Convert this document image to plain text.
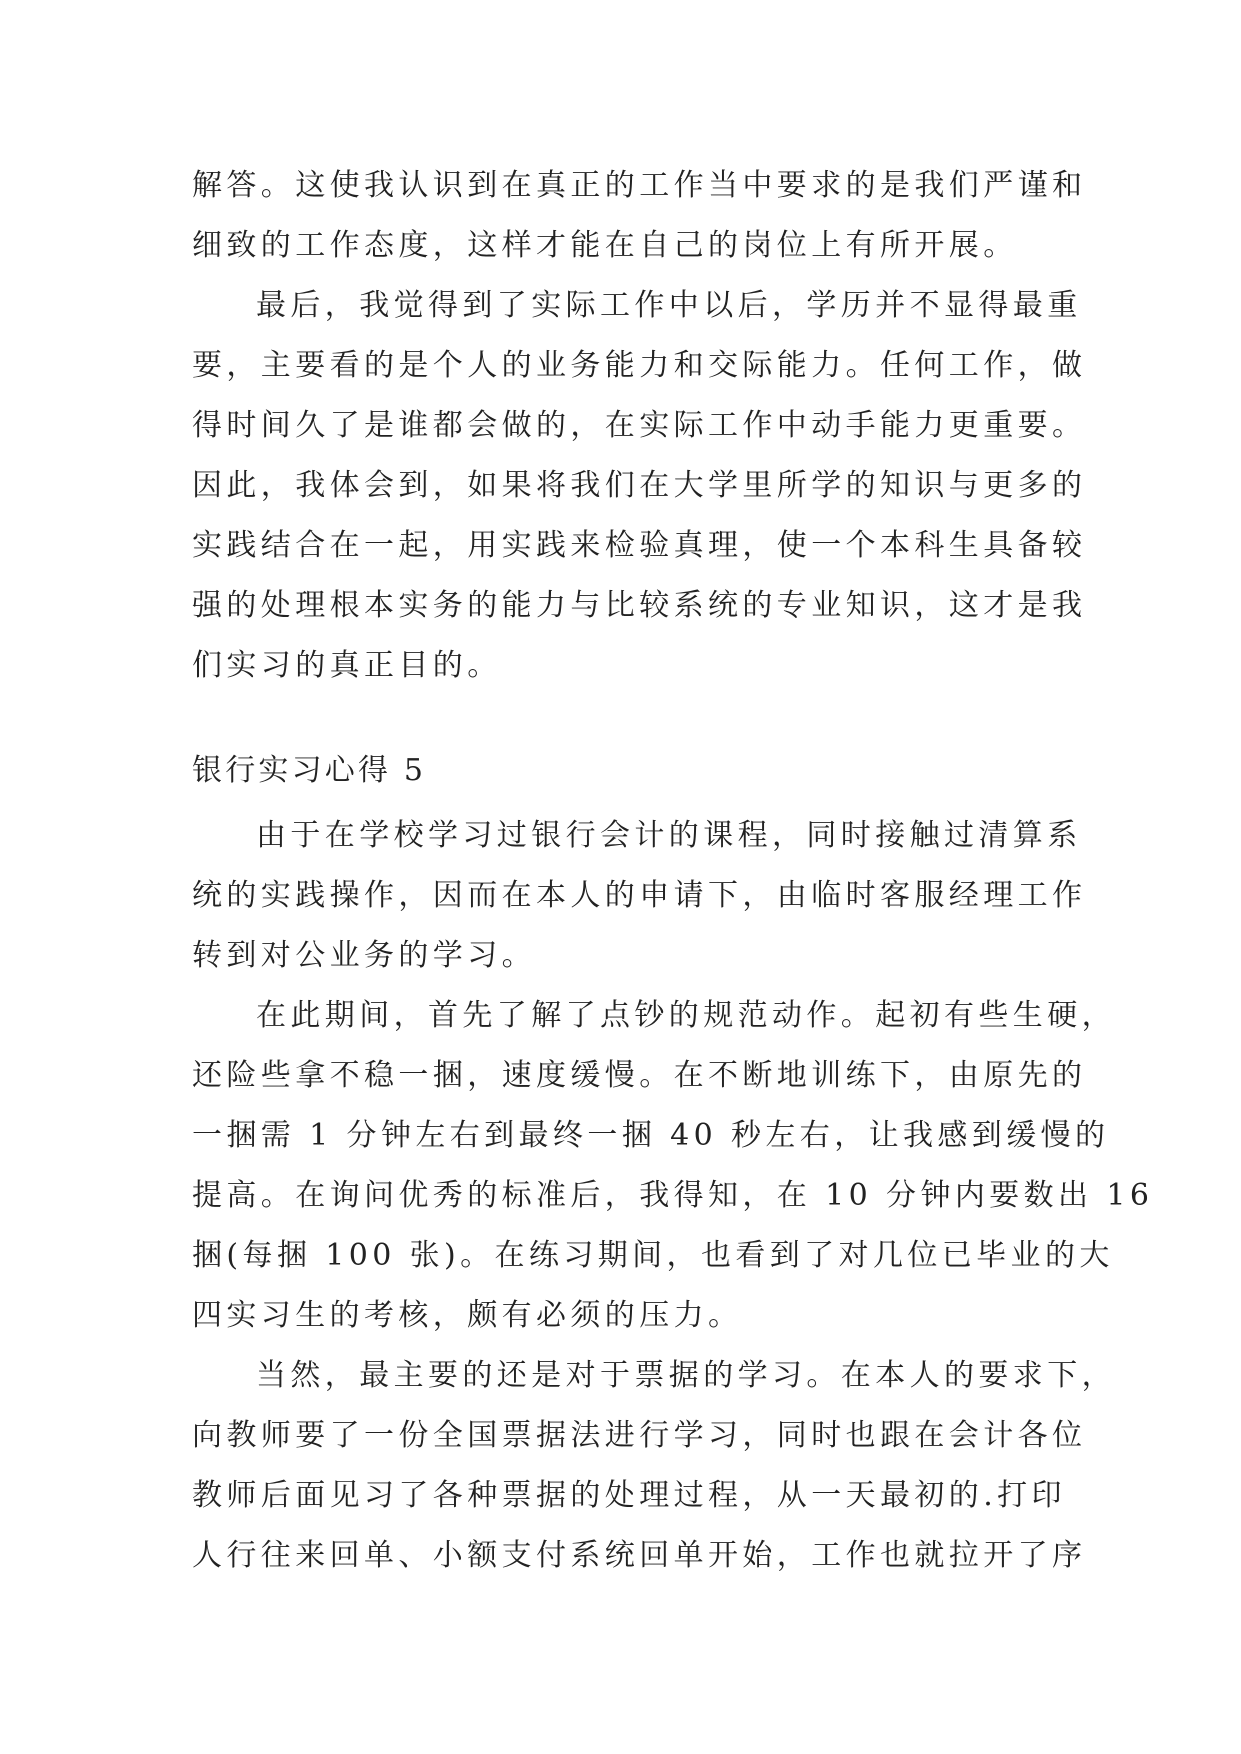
解答。这使我认识到在真正的工作当中要求的是我们严谨和
细致的工作态度，这样才能在自己的岗位上有所开展。
最后，我觉得到了实际工作中以后，学历并不显得最重
要，主要看的是个人的业务能力和交际能力。任何工作，做
得时间久了是谁都会做的，在实际工作中动手能力更重要。
因此，我体会到，如果将我们在大学里所学的知识与更多的
实践结合在一起，用实践来检验真理，使一个本科生具备较
强的处理根本实务的能力与比较系统的专业知识，这才是我
们实习的真正目的。
银行实习心得 5
由于在学校学习过银行会计的课程，同时接触过清算系
统的实践操作，因而在本人的申请下，由临时客服经理工作
转到对公业务的学习。
在此期间，首先了解了点钞的规范动作。起初有些生硬，
还险些拿不稳一捆，速度缓慢。在不断地训练下，由原先的
一捆需 1 分钟左右到最终一捆 40 秒左右，让我感到缓慢的
提高。在询问优秀的标准后，我得知，在 10 分钟内要数出 16
捆(每捆 100 张)。在练习期间，也看到了对几位已毕业的大
四实习生的考核，颇有必须的压力。
当然，最主要的还是对于票据的学习。在本人的要求下，
向教师要了一份全国票据法进行学习，同时也跟在会计各位
教师后面见习了各种票据的处理过程，从一天最初的.打印
人行往来回单、小额支付系统回单开始，工作也就拉开了序
